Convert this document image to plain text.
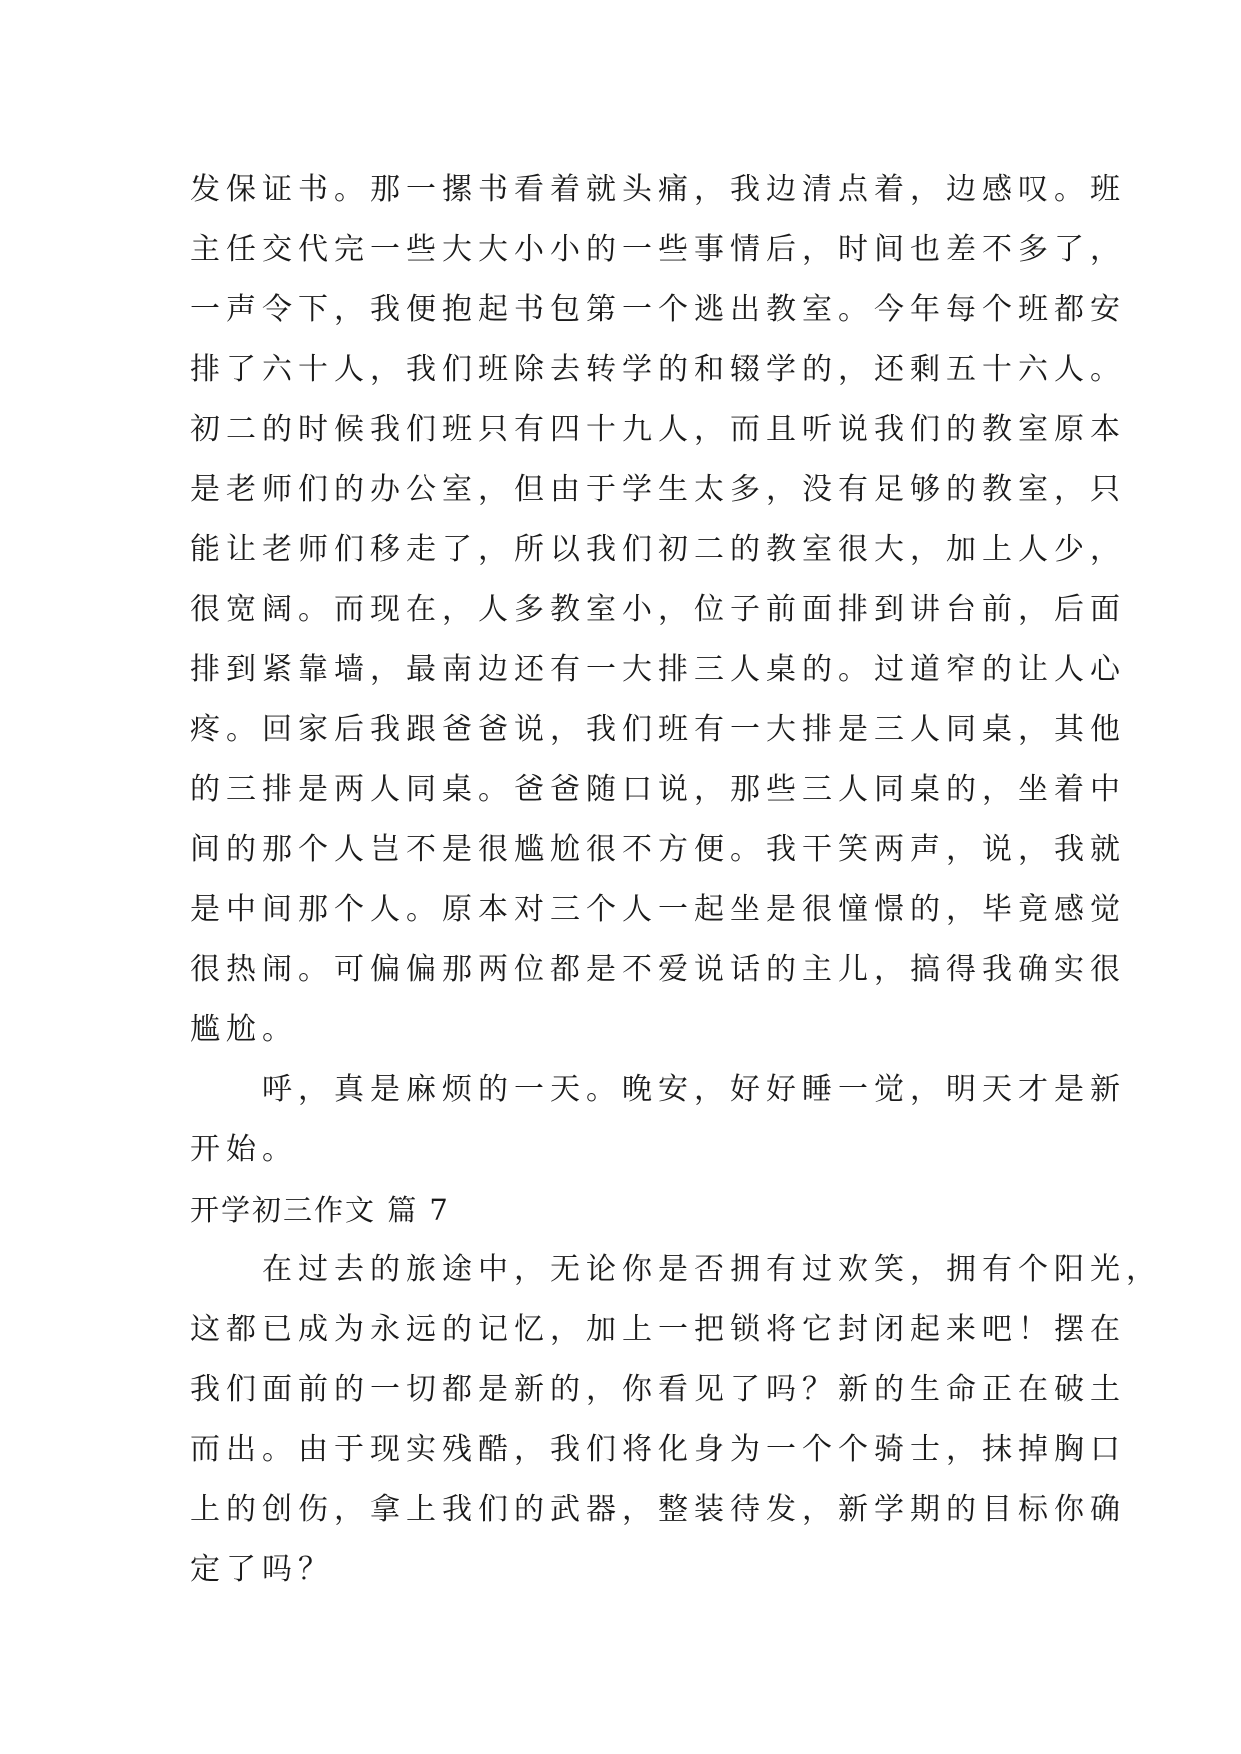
发保证书。那一摞书看着就头痛，我边清点着，边感叹。班
主任交代完一些大大小小的一些事情后，时间也差不多了，
一声令下，我便抱起书包第一个逃出教室。今年每个班都安
排了六十人，我们班除去转学的和辍学的，还剩五十六人。
初二的时候我们班只有四十九人，而且听说我们的教室原本
是老师们的办公室，但由于学生太多，没有足够的教室，只
能让老师们移走了，所以我们初二的教室很大，加上人少，
很宽阔。而现在，人多教室小，位子前面排到讲台前，后面
排到紧靠墙，最南边还有一大排三人桌的。过道窄的让人心
疼。回家后我跟爸爸说，我们班有一大排是三人同桌，其他
的三排是两人同桌。爸爸随口说，那些三人同桌的，坐着中
间的那个人岂不是很尴尬很不方便。我干笑两声，说，我就
是中间那个人。原本对三个人一起坐是很憧憬的，毕竟感觉
很热闹。可偏偏那两位都是不爱说话的主儿，搞得我确实很
尴尬。
　　呼，真是麻烦的一天。晚安，好好睡一觉，明天才是新
开始。
开学初三作文 篇 7
　　在过去的旅途中，无论你是否拥有过欢笑，拥有个阳光，
这都已成为永远的记忆，加上一把锁将它封闭起来吧！摆在
我们面前的一切都是新的，你看见了吗？新的生命正在破土
而出。由于现实残酷，我们将化身为一个个骑士，抹掉胸口
上的创伤，拿上我们的武器，整装待发，新学期的目标你确
定了吗？
